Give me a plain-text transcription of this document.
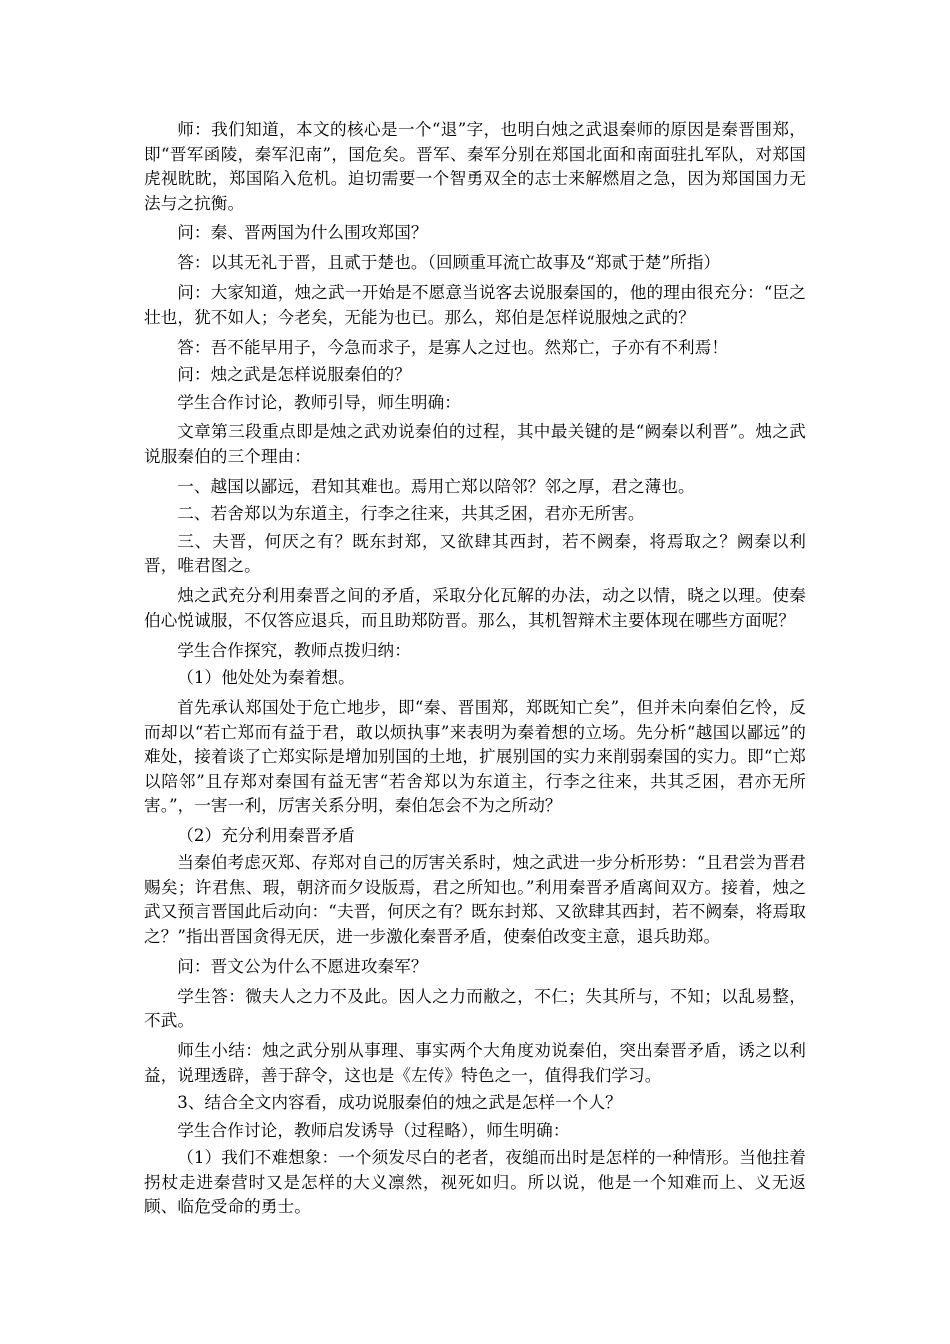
师：我们知道，本文的核心是一个“退”字，也明白烛之武退秦师的原因是秦晋围郑，即“晋军函陵，秦军氾南”，国危矣。晋军、秦军分别在郑国北面和南面驻扎军队，对郑国虎视眈眈，郑国陷入危机。迫切需要一个智勇双全的志士来解燃眉之急，因为郑国国力无法与之抗衡。

问：秦、晋两国为什么围攻郑国？

答：以其无礼于晋，且贰于楚也。（回顾重耳流亡故事及“郑贰于楚”所指）

问：大家知道，烛之武一开始是不愿意当说客去说服秦国的，他的理由很充分：“臣之壮也，犹不如人；今老矣，无能为也已。那么，郑伯是怎样说服烛之武的？

答：吾不能早用子，今急而求子，是寡人之过也。然郑亡，子亦有不利焉！

问：烛之武是怎样说服秦伯的？

学生合作讨论，教师引导，师生明确：

文章第三段重点即是烛之武劝说秦伯的过程，其中最关键的是“阙秦以利晋”。烛之武说服秦伯的三个理由：

一、越国以鄙远，君知其难也。焉用亡郑以陪邻？邻之厚，君之薄也。

二、若舍郑以为东道主，行李之往来，共其乏困，君亦无所害。

三、夫晋，何厌之有？既东封郑，又欲肆其西封，若不阙秦，将焉取之？阙秦以利晋，唯君图之。

烛之武充分利用秦晋之间的矛盾，采取分化瓦解的办法，动之以情，晓之以理。使秦伯心悦诚服，不仅答应退兵，而且助郑防晋。那么，其机智辩术主要体现在哪些方面呢？

学生合作探究，教师点拨归纳：

（1）他处处为秦着想。

首先承认郑国处于危亡地步，即“秦、晋围郑，郑既知亡矣”，但并未向秦伯乞怜，反而却以“若亡郑而有益于君，敢以烦执事”来表明为秦着想的立场。先分析“越国以鄙远”的难处，接着谈了亡郑实际是增加别国的土地，扩展别国的实力来削弱秦国的实力。即“亡郑以陪邻”且存郑对秦国有益无害“若舍郑以为东道主，行李之往来，共其乏困，君亦无所害。”，一害一利，厉害关系分明，秦伯怎会不为之所动？

（2）充分利用秦晋矛盾

当秦伯考虑灭郑、存郑对自己的厉害关系时，烛之武进一步分析形势：“且君尝为晋君赐矣；许君焦、瑕，朝济而夕设版焉，君之所知也。”利用秦晋矛盾离间双方。接着，烛之武又预言晋国此后动向：“夫晋，何厌之有？既东封郑、又欲肆其西封，若不阙秦，将焉取之？”指出晋国贪得无厌，进一步激化秦晋矛盾，使秦伯改变主意，退兵助郑。

问：晋文公为什么不愿进攻秦军？

学生答：微夫人之力不及此。因人之力而敝之，不仁；失其所与，不知；以乱易整，不武。

师生小结：烛之武分别从事理、事实两个大角度劝说秦伯，突出秦晋矛盾，诱之以利益，说理透辟，善于辞令，这也是《左传》特色之一，值得我们学习。

3、结合全文内容看，成功说服秦伯的烛之武是怎样一个人？

学生合作讨论，教师启发诱导（过程略），师生明确：

（1）我们不难想象：一个须发尽白的老者，夜缒而出时是怎样的一种情形。当他拄着拐杖走进秦营时又是怎样的大义凛然，视死如归。所以说，他是一个知难而上、义无返顾、临危受命的勇士。
